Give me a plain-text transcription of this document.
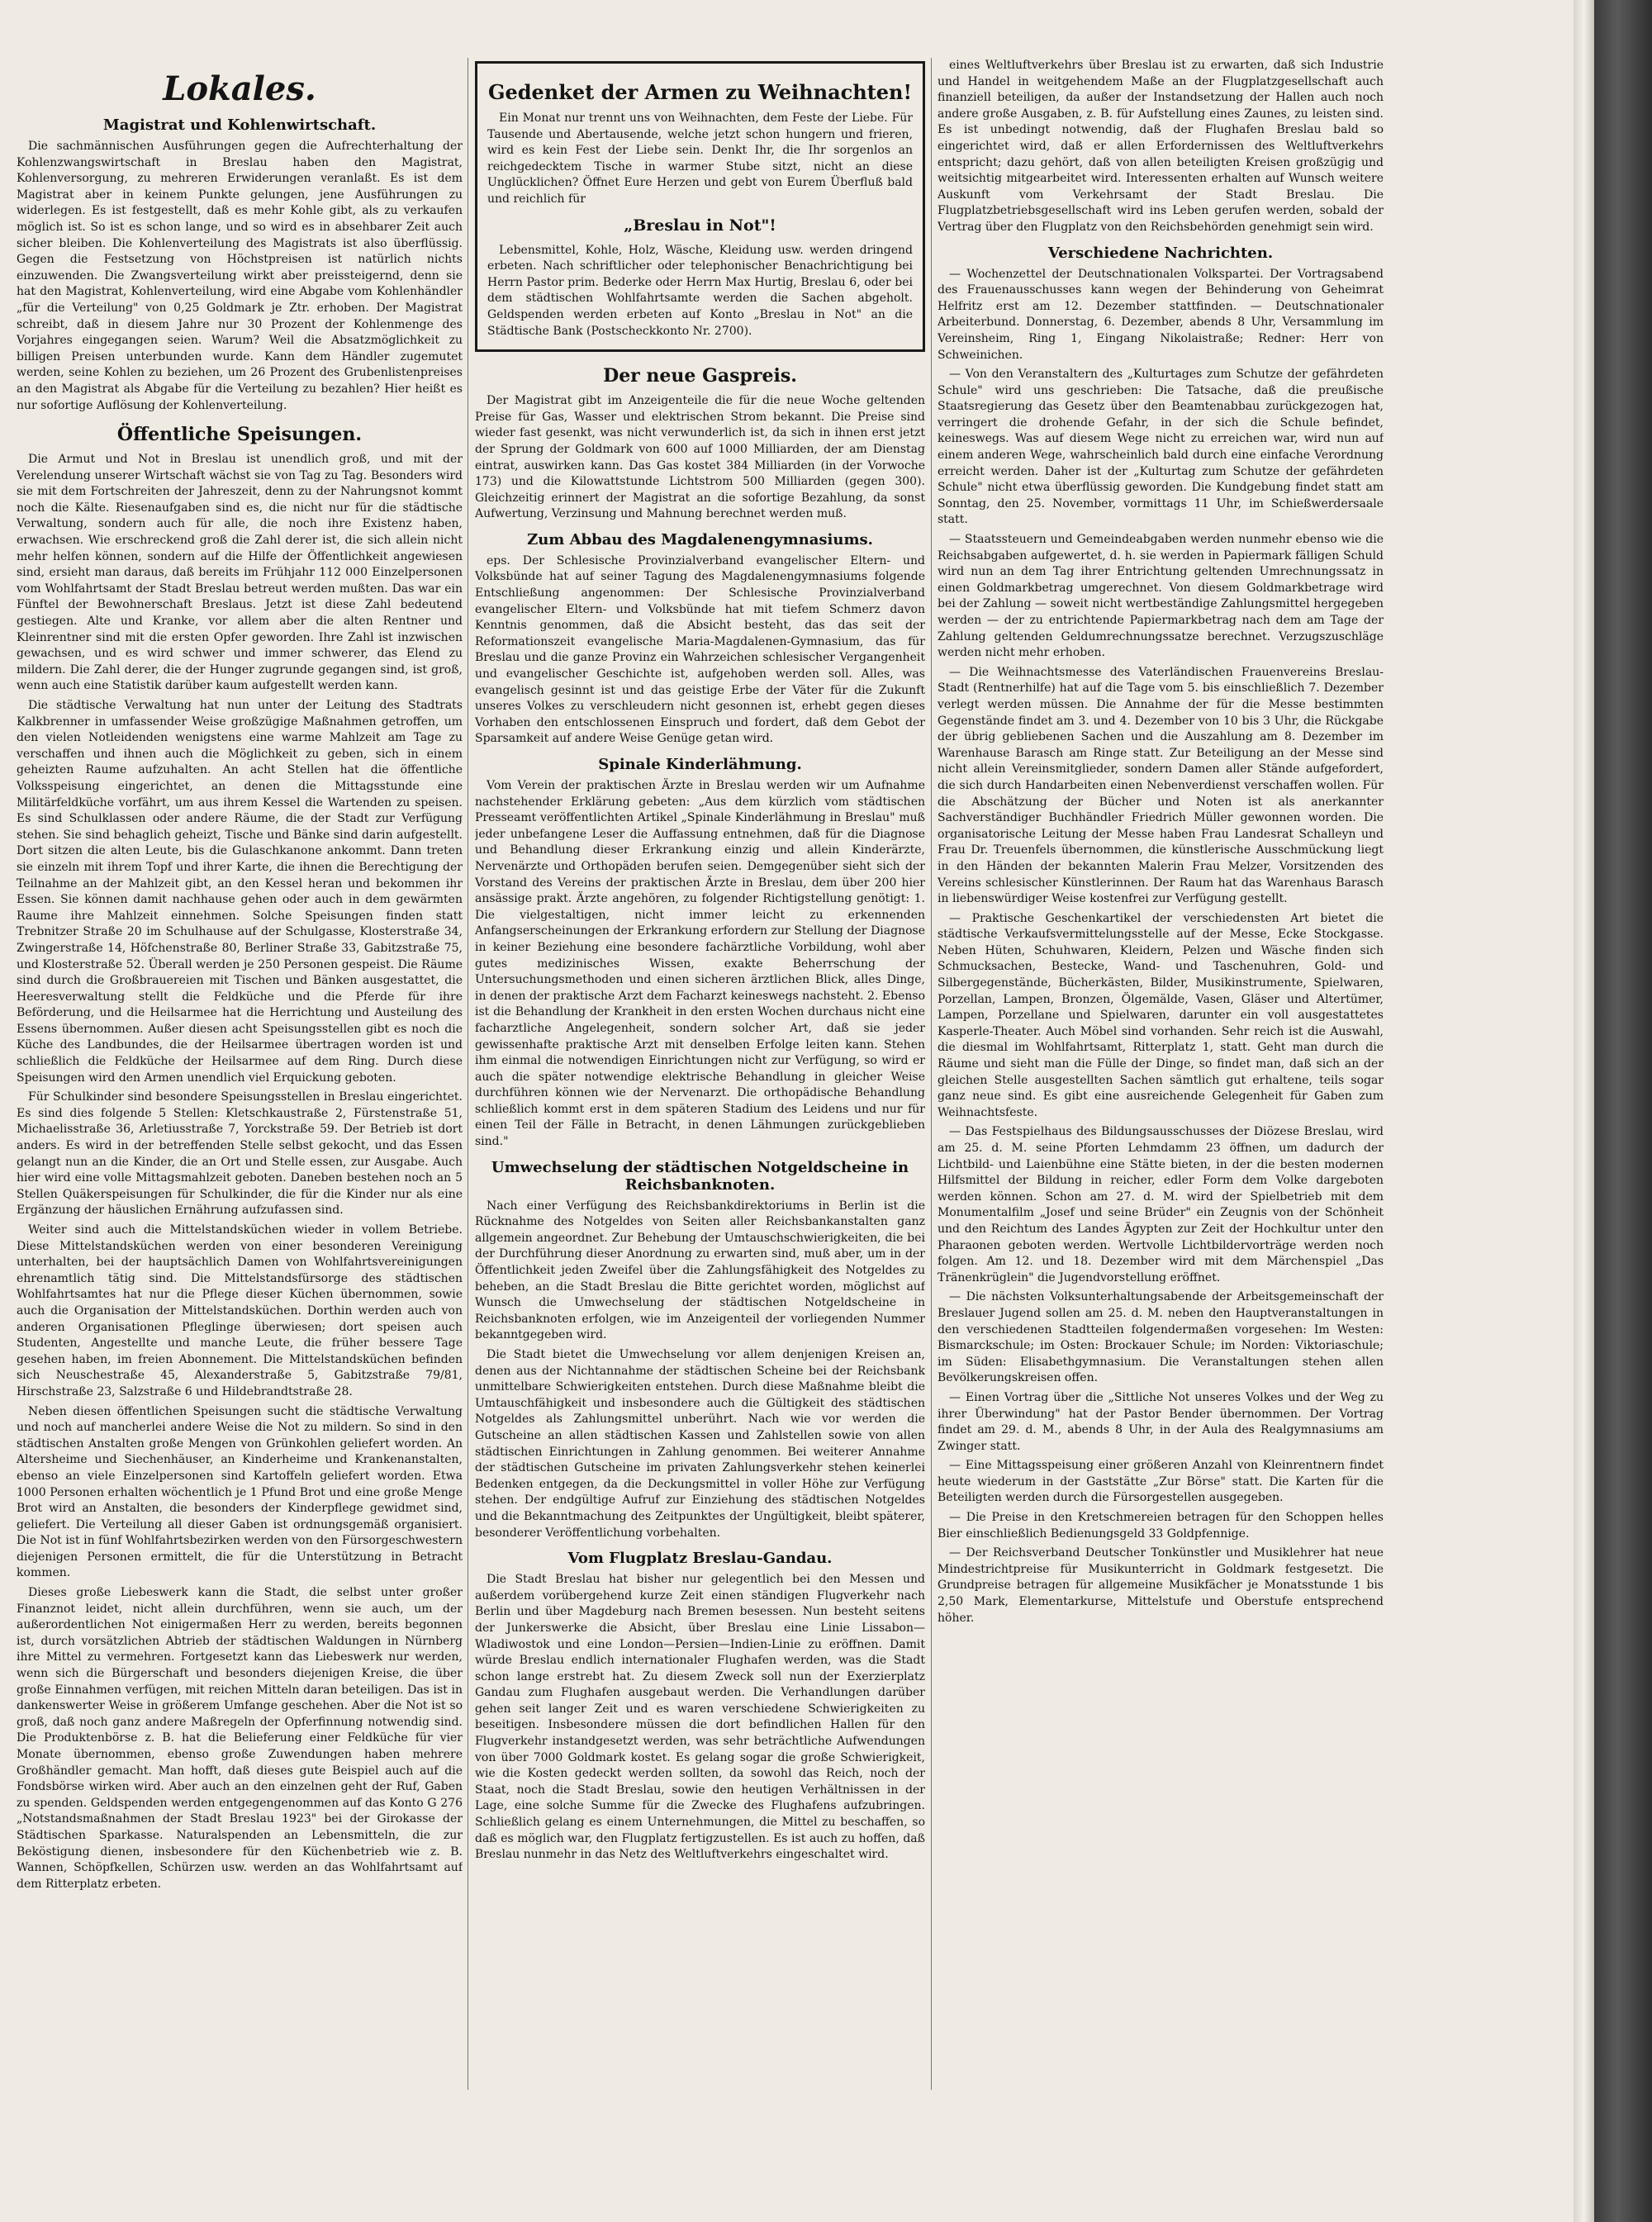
Lokales.
Magistrat und Kohlenwirtschaft.

Die sachmännischen Ausführungen gegen die Aufrechterhaltung der Kohlenzwangswirtschaft in Breslau haben den Magistrat, Kohlenversorgung, zu mehreren Erwiderungen veranlaßt. Es ist dem Magistrat aber in keinem Punkte gelungen, jene Ausführungen zu widerlegen. Es ist festgestellt, daß es mehr Kohle gibt, als zu verkaufen möglich ist. So ist es schon lange, und so wird es in absehbarer Zeit auch sicher bleiben. Die Kohlenverteilung des Magistrats ist also überflüssig. Gegen die Festsetzung von Höchstpreisen ist natürlich nichts einzuwenden. Die Zwangsverteilung wirkt aber preissteigernd, denn sie hat den Magistrat, Kohlenverteilung, wird eine Abgabe vom Kohlenhändler „für die Verteilung" von 0,25 Goldmark je Ztr. erhoben. Der Magistrat schreibt, daß in diesem Jahre nur 30 Prozent der Kohlenmenge des Vorjahres eingegangen seien. Warum? Weil die Absatzmöglichkeit zu billigen Preisen unterbunden wurde. Kann dem Händler zugemutet werden, seine Kohlen zu beziehen, um 26 Prozent des Grubenlistenpreises an den Magistrat als Abgabe für die Verteilung zu bezahlen? Hier heißt es nur sofortige Auflösung der Kohlenverteilung.

Öffentliche Speisungen.

Die Armut und Not in Breslau ist unendlich groß, und mit der Verelendung unserer Wirtschaft wächst sie von Tag zu Tag. Besonders wird sie mit dem Fortschreiten der Jahreszeit, denn zu der Nahrungsnot kommt noch die Kälte. Riesenaufgaben sind es, die nicht nur für die städtische Verwaltung, sondern auch für alle, die noch ihre Existenz haben, erwachsen. Wie erschreckend groß die Zahl derer ist, die sich allein nicht mehr helfen können, sondern auf die Hilfe der Öffentlichkeit angewiesen sind, ersieht man daraus, daß bereits im Frühjahr 112 000 Einzelpersonen vom Wohlfahrtsamt der Stadt Breslau betreut werden mußten. Das war ein Fünftel der Bewohnerschaft Breslaus. Jetzt ist diese Zahl bedeutend gestiegen. Alte und Kranke, vor allem aber die alten Rentner und Kleinrentner sind mit die ersten Opfer geworden. Ihre Zahl ist inzwischen gewachsen, und es wird schwer und immer schwerer, das Elend zu mildern. Die Zahl derer, die der Hunger zugrunde gegangen sind, ist groß, wenn auch eine Statistik darüber kaum aufgestellt werden kann.

Die städtische Verwaltung hat nun unter der Leitung des Stadtrats Kalkbrenner in umfassender Weise großzügige Maßnahmen getroffen, um den vielen Notleidenden wenigstens eine warme Mahlzeit am Tage zu verschaffen und ihnen auch die Möglichkeit zu geben, sich in einem geheizten Raume aufzuhalten. An acht Stellen hat die öffentliche Volksspeisung eingerichtet, an denen die Mittagsstunde eine Militärfeldküche vorfährt, um aus ihrem Kessel die Wartenden zu speisen. Es sind Schulklassen oder andere Räume, die der Stadt zur Verfügung stehen. Sie sind behaglich geheizt, Tische und Bänke sind darin aufgestellt. Dort sitzen die alten Leute, bis die Gulaschkanone ankommt. Dann treten sie einzeln mit ihrem Topf und ihrer Karte, die ihnen die Berechtigung der Teilnahme an der Mahlzeit gibt, an den Kessel heran und bekommen ihr Essen. Sie können damit nachhause gehen oder auch in dem gewärmten Raume ihre Mahlzeit einnehmen. Solche Speisungen finden statt Trebnitzer Straße 20 im Schulhause auf der Schulgasse, Klosterstraße 34, Zwingerstraße 14, Höfchenstraße 80, Berliner Straße 33, Gabitzstraße 75, und Klosterstraße 52. Überall werden je 250 Personen gespeist. Die Räume sind durch die Großbrauereien mit Tischen und Bänken ausgestattet, die Heeresverwaltung stellt die Feldküche und die Pferde für ihre Beförderung, und die Heilsarmee hat die Herrichtung und Austeilung des Essens übernommen. Außer diesen acht Speisungsstellen gibt es noch die Küche des Landbundes, die der Heilsarmee übertragen worden ist und schließlich die Feldküche der Heilsarmee auf dem Ring. Durch diese Speisungen wird den Armen unendlich viel Erquickung geboten.

Für Schulkinder sind besondere Speisungsstellen in Breslau eingerichtet. Es sind dies folgende 5 Stellen: Kletschkaustraße 2, Fürstenstraße 51, Michaelisstraße 36, Arletiusstraße 7, Yorckstraße 59. Der Betrieb ist dort anders. Es wird in der betreffenden Stelle selbst gekocht, und das Essen gelangt nun an die Kinder, die an Ort und Stelle essen, zur Ausgabe. Auch hier wird eine volle Mittagsmahlzeit geboten. Daneben bestehen noch an 5 Stellen Quäkerspeisungen für Schulkinder, die für die Kinder nur als eine Ergänzung der häuslichen Ernährung aufzufassen sind.

Weiter sind auch die Mittelstandsküchen wieder in vollem Betriebe. Diese Mittelstandsküchen werden von einer besonderen Vereinigung unterhalten, bei der hauptsächlich Damen von Wohlfahrtsvereinigungen ehrenamtlich tätig sind. Die Mittelstandsfürsorge des städtischen Wohlfahrtsamtes hat nur die Pflege dieser Küchen übernommen, sowie auch die Organisation der Mittelstandsküchen. Dorthin werden auch von anderen Organisationen Pfleglinge überwiesen; dort speisen auch Studenten, Angestellte und manche Leute, die früher bessere Tage gesehen haben, im freien Abonnement. Die Mittelstandsküchen befinden sich Neuschestraße 45, Alexanderstraße 5, Gabitzstraße 79/81, Hirschstraße 23, Salzstraße 6 und Hildebrandtstraße 28.

Neben diesen öffentlichen Speisungen sucht die städtische Verwaltung und noch auf mancherlei andere Weise die Not zu mildern. So sind in den städtischen Anstalten große Mengen von Grünkohlen geliefert worden. An Altersheime und Siechenhäuser, an Kinderheime und Krankenanstalten, ebenso an viele Einzelpersonen sind Kartoffeln geliefert worden. Etwa 1000 Personen erhalten wöchentlich je 1 Pfund Brot und eine große Menge Brot wird an Anstalten, die besonders der Kinderpflege gewidmet sind, geliefert. Die Verteilung all dieser Gaben ist ordnungsgemäß organisiert. Die Not ist in fünf Wohlfahrtsbezirken werden von den Fürsorgeschwestern diejenigen Personen ermittelt, die für die Unterstützung in Betracht kommen.

Dieses große Liebeswerk kann die Stadt, die selbst unter großer Finanznot leidet, nicht allein durchführen, wenn sie auch, um der außerordentlichen Not einigermaßen Herr zu werden, bereits begonnen ist, durch vorsätzlichen Abtrieb der städtischen Waldungen in Nürnberg ihre Mittel zu vermehren. Fortgesetzt kann das Liebeswerk nur werden, wenn sich die Bürgerschaft und besonders diejenigen Kreise, die über große Einnahmen verfügen, mit reichen Mitteln daran beteiligen. Das ist in dankenswerter Weise in größerem Umfange geschehen. Aber die Not ist so groß, daß noch ganz andere Maßregeln der Opferfinnung notwendig sind. Die Produktenbörse z. B. hat die Belieferung einer Feldküche für vier Monate übernommen, ebenso große Zuwendungen haben mehrere Großhändler gemacht. Man hofft, daß dieses gute Beispiel auch auf die Fondsbörse wirken wird. Aber auch an den einzelnen geht der Ruf, Gaben zu spenden. Geldspenden werden entgegengenommen auf das Konto G 276 „Notstandsmaßnahmen der Stadt Breslau 1923" bei der Girokasse der Städtischen Sparkasse. Naturalspenden an Lebensmitteln, die zur Beköstigung dienen, insbesondere für den Küchenbetrieb wie z. B. Wannen, Schöpfkellen, Schürzen usw. werden an das Wohlfahrtsamt auf dem Ritterplatz erbeten.

Gedenket der Armen zu Weihnachten!

Ein Monat nur trennt uns von Weihnachten, dem Feste der Liebe. Für Tausende und Abertausende, welche jetzt schon hungern und frieren, wird es kein Fest der Liebe sein. Denkt Ihr, die Ihr sorgenlos an reichgedecktem Tische in warmer Stube sitzt, nicht an diese Unglücklichen? Öffnet Eure Herzen und gebt von Eurem Überfluß bald und reichlich für

„Breslau in Not"!

Lebensmittel, Kohle, Holz, Wäsche, Kleidung usw. werden dringend erbeten. Nach schriftlicher oder telephonischer Benachrichtigung bei Herrn Pastor prim. Bederke oder Herrn Max Hurtig, Breslau 6, oder bei dem städtischen Wohlfahrtsamte werden die Sachen abgeholt. Geldspenden werden erbeten auf Konto „Breslau in Not" an die Städtische Bank (Postscheckkonto Nr. 2700).

Der neue Gaspreis.

Der Magistrat gibt im Anzeigenteile die für die neue Woche geltenden Preise für Gas, Wasser und elektrischen Strom bekannt. Die Preise sind wieder fast gesenkt, was nicht verwunderlich ist, da sich in ihnen erst jetzt der Sprung der Goldmark von 600 auf 1000 Milliarden, der am Dienstag eintrat, auswirken kann. Das Gas kostet 384 Milliarden (in der Vorwoche 173) und die Kilowattstunde Lichtstrom 500 Milliarden (gegen 300). Gleichzeitig erinnert der Magistrat an die sofortige Bezahlung, da sonst Aufwertung, Verzinsung und Mahnung berechnet werden muß.

Zum Abbau des Magdalenengymnasiums.

eps. Der Schlesische Provinzialverband evangelischer Eltern- und Volksbünde hat auf seiner Tagung des Magdalenengymnasiums folgende Entschließung angenommen: Der Schlesische Provinzialverband evangelischer Eltern- und Volksbünde hat mit tiefem Schmerz davon Kenntnis genommen, daß die Absicht besteht, das das seit der Reformationszeit evangelische Maria-Magdalenen-Gymnasium, das für Breslau und die ganze Provinz ein Wahrzeichen schlesischer Vergangenheit und evangelischer Geschichte ist, aufgehoben werden soll. Alles, was evangelisch gesinnt ist und das geistige Erbe der Väter für die Zukunft unseres Volkes zu verschleudern nicht gesonnen ist, erhebt gegen dieses Vorhaben den entschlossenen Einspruch und fordert, daß dem Gebot der Sparsamkeit auf andere Weise Genüge getan wird.

Spinale Kinderlähmung.

Vom Verein der praktischen Ärzte in Breslau werden wir um Aufnahme nachstehender Erklärung gebeten: „Aus dem kürzlich vom städtischen Presseamt veröffentlichten Artikel „Spinale Kinderlähmung in Breslau" muß jeder unbefangene Leser die Auffassung entnehmen, daß für die Diagnose und Behandlung dieser Erkrankung einzig und allein Kinderärzte, Nervenärzte und Orthopäden berufen seien. Demgegenüber sieht sich der Vorstand des Vereins der praktischen Ärzte in Breslau, dem über 200 hier ansässige prakt. Ärzte angehören, zu folgender Richtigstellung genötigt: 1. Die vielgestaltigen, nicht immer leicht zu erkennenden Anfangserscheinungen der Erkrankung erfordern zur Stellung der Diagnose in keiner Beziehung eine besondere fachärztliche Vorbildung, wohl aber gutes medizinisches Wissen, exakte Beherrschung der Untersuchungsmethoden und einen sicheren ärztlichen Blick, alles Dinge, in denen der praktische Arzt dem Facharzt keineswegs nachsteht. 2. Ebenso ist die Behandlung der Krankheit in den ersten Wochen durchaus nicht eine facharztliche Angelegenheit, sondern solcher Art, daß sie jeder gewissenhafte praktische Arzt mit denselben Erfolge leiten kann. Stehen ihm einmal die notwendigen Einrichtungen nicht zur Verfügung, so wird er auch die später notwendige elektrische Behandlung in gleicher Weise durchführen können wie der Nervenarzt. Die orthopädische Behandlung schließlich kommt erst in dem späteren Stadium des Leidens und nur für einen Teil der Fälle in Betracht, in denen Lähmungen zurückgeblieben sind."

Umwechselung der städtischen Notgeldscheine in Reichsbanknoten.

Nach einer Verfügung des Reichsbankdirektoriums in Berlin ist die Rücknahme des Notgeldes von Seiten aller Reichsbankanstalten ganz allgemein angeordnet. Zur Behebung der Umtauschschwierigkeiten, die bei der Durchführung dieser Anordnung zu erwarten sind, muß aber, um in der Öffentlichkeit jeden Zweifel über die Zahlungsfähigkeit des Notgeldes zu beheben, an die Stadt Breslau die Bitte gerichtet worden, möglichst auf Wunsch die Umwechselung der städtischen Notgeldscheine in Reichsbanknoten erfolgen, wie im Anzeigenteil der vorliegenden Nummer bekanntgegeben wird.

Die Stadt bietet die Umwechselung vor allem denjenigen Kreisen an, denen aus der Nichtannahme der städtischen Scheine bei der Reichsbank unmittelbare Schwierigkeiten entstehen. Durch diese Maßnahme bleibt die Umtauschfähigkeit und insbesondere auch die Gültigkeit des städtischen Notgeldes als Zahlungsmittel unberührt. Nach wie vor werden die Gutscheine an allen städtischen Kassen und Zahlstellen sowie von allen städtischen Einrichtungen in Zahlung genommen. Bei weiterer Annahme der städtischen Gutscheine im privaten Zahlungsverkehr stehen keinerlei Bedenken entgegen, da die Deckungsmittel in voller Höhe zur Verfügung stehen. Der endgültige Aufruf zur Einziehung des städtischen Notgeldes und die Bekanntmachung des Zeitpunktes der Ungültigkeit, bleibt späterer, besonderer Veröffentlichung vorbehalten.

Vom Flugplatz Breslau-Gandau.

Die Stadt Breslau hat bisher nur gelegentlich bei den Messen und außerdem vorübergehend kurze Zeit einen ständigen Flugverkehr nach Berlin und über Magdeburg nach Bremen besessen. Nun besteht seitens der Junkerswerke die Absicht, über Breslau eine Linie Lissabon—Wladiwostok und eine London—Persien—Indien-Linie zu eröffnen. Damit würde Breslau endlich internationaler Flughafen werden, was die Stadt schon lange erstrebt hat. Zu diesem Zweck soll nun der Exerzierplatz Gandau zum Flughafen ausgebaut werden. Die Verhandlungen darüber gehen seit langer Zeit und es waren verschiedene Schwierigkeiten zu beseitigen. Insbesondere müssen die dort befindlichen Hallen für den Flugverkehr instandgesetzt werden, was sehr beträchtliche Aufwendungen von über 7000 Goldmark kostet. Es gelang sogar die große Schwierigkeit, wie die Kosten gedeckt werden sollten, da sowohl das Reich, noch der Staat, noch die Stadt Breslau, sowie den heutigen Verhältnissen in der Lage, eine solche Summe für die Zwecke des Flughafens aufzubringen. Schließlich gelang es einem Unternehmungen, die Mittel zu beschaffen, so daß es möglich war, den Flugplatz fertigzustellen. Es ist auch zu hoffen, daß Breslau nunmehr in das Netz des Weltluftverkehrs eingeschaltet wird.

eines Weltluftverkehrs über Breslau ist zu erwarten, daß sich Industrie und Handel in weitgehendem Maße an der Flugplatzgesellschaft auch finanziell beteiligen, da außer der Instandsetzung der Hallen auch noch andere große Ausgaben, z. B. für Aufstellung eines Zaunes, zu leisten sind. Es ist unbedingt notwendig, daß der Flughafen Breslau bald so eingerichtet wird, daß er allen Erfordernissen des Weltluftverkehrs entspricht; dazu gehört, daß von allen beteiligten Kreisen großzügig und weitsichtig mitgearbeitet wird. Interessenten erhalten auf Wunsch weitere Auskunft vom Verkehrsamt der Stadt Breslau. Die Flugplatzbetriebsgesellschaft wird ins Leben gerufen werden, sobald der Vertrag über den Flugplatz von den Reichsbehörden genehmigt sein wird.

Verschiedene Nachrichten.

— Wochenzettel der Deutschnationalen Volkspartei. Der Vortragsabend des Frauenausschusses kann wegen der Behinderung von Geheimrat Helfritz erst am 12. Dezember stattfinden. — Deutschnationaler Arbeiterbund. Donnerstag, 6. Dezember, abends 8 Uhr, Versammlung im Vereinsheim, Ring 1, Eingang Nikolaistraße; Redner: Herr von Schweinichen.

— Von den Veranstaltern des „Kulturtages zum Schutze der gefährdeten Schule" wird uns geschrieben: Die Tatsache, daß die preußische Staatsregierung das Gesetz über den Beamtenabbau zurückgezogen hat, verringert die drohende Gefahr, in der sich die Schule befindet, keineswegs. Was auf diesem Wege nicht zu erreichen war, wird nun auf einem anderen Wege, wahrscheinlich bald durch eine einfache Verordnung erreicht werden. Daher ist der „Kulturtag zum Schutze der gefährdeten Schule" nicht etwa überflüssig geworden. Die Kundgebung findet statt am Sonntag, den 25. November, vormittags 11 Uhr, im Schießwerdersaale statt.

— Staatssteuern und Gemeindeabgaben werden nunmehr ebenso wie die Reichsabgaben aufgewertet, d. h. sie werden in Papiermark fälligen Schuld wird nun an dem Tag ihrer Entrichtung geltenden Umrechnungssatz in einen Goldmarkbetrag umgerechnet. Von diesem Goldmarkbetrage wird bei der Zahlung — soweit nicht wertbeständige Zahlungsmittel hergegeben werden — der zu entrichtende Papiermarkbetrag nach dem am Tage der Zahlung geltenden Geldumrechnungssatze berechnet. Verzugszuschläge werden nicht mehr erhoben.

— Die Weihnachtsmesse des Vaterländischen Frauenvereins Breslau-Stadt (Rentnerhilfe) hat auf die Tage vom 5. bis einschließlich 7. Dezember verlegt werden müssen. Die Annahme der für die Messe bestimmten Gegenstände findet am 3. und 4. Dezember von 10 bis 3 Uhr, die Rückgabe der übrig gebliebenen Sachen und die Auszahlung am 8. Dezember im Warenhause Barasch am Ringe statt. Zur Beteiligung an der Messe sind nicht allein Vereinsmitglieder, sondern Damen aller Stände aufgefordert, die sich durch Handarbeiten einen Nebenverdienst verschaffen wollen. Für die Abschätzung der Bücher und Noten ist als anerkannter Sachverständiger Buchhändler Friedrich Müller gewonnen worden. Die organisatorische Leitung der Messe haben Frau Landesrat Schalleyn und Frau Dr. Treuenfels übernommen, die künstlerische Ausschmückung liegt in den Händen der bekannten Malerin Frau Melzer, Vorsitzenden des Vereins schlesischer Künstlerinnen. Der Raum hat das Warenhaus Barasch in liebenswürdiger Weise kostenfrei zur Verfügung gestellt.

— Praktische Geschenkartikel der verschiedensten Art bietet die städtische Verkaufsvermittelungsstelle auf der Messe, Ecke Stockgasse. Neben Hüten, Schuhwaren, Kleidern, Pelzen und Wäsche finden sich Schmucksachen, Bestecke, Wand- und Taschenuhren, Gold- und Silbergegenstände, Bücherkästen, Bilder, Musikinstrumente, Spielwaren, Porzellan, Lampen, Bronzen, Ölgemälde, Vasen, Gläser und Altertümer, Lampen, Porzellane und Spielwaren, darunter ein voll ausgestattetes Kasperle-Theater. Auch Möbel sind vorhanden. Sehr reich ist die Auswahl, die diesmal im Wohlfahrtsamt, Ritterplatz 1, statt. Geht man durch die Räume und sieht man die Fülle der Dinge, so findet man, daß sich an der gleichen Stelle ausgestellten Sachen sämtlich gut erhaltene, teils sogar ganz neue sind. Es gibt eine ausreichende Gelegenheit für Gaben zum Weihnachtsfeste.

— Das Festspielhaus des Bildungsausschusses der Diözese Breslau, wird am 25. d. M. seine Pforten Lehmdamm 23 öffnen, um dadurch der Lichtbild- und Laienbühne eine Stätte bieten, in der die besten modernen Hilfsmittel der Bildung in reicher, edler Form dem Volke dargeboten werden können. Schon am 27. d. M. wird der Spielbetrieb mit dem Monumentalfilm „Josef und seine Brüder" ein Zeugnis von der Schönheit und den Reichtum des Landes Ägypten zur Zeit der Hochkultur unter den Pharaonen geboten werden. Wertvolle Lichtbildervorträge werden noch folgen. Am 12. und 18. Dezember wird mit dem Märchenspiel „Das Tränenkrüglein" die Jugendvorstellung eröffnet.

— Die nächsten Volksunterhaltungsabende der Arbeitsgemeinschaft der Breslauer Jugend sollen am 25. d. M. neben den Hauptveranstaltungen in den verschiedenen Stadtteilen folgendermaßen vorgesehen: Im Westen: Bismarckschule; im Osten: Brockauer Schule; im Norden: Viktoriaschule; im Süden: Elisabethgymnasium. Die Veranstaltungen stehen allen Bevölkerungskreisen offen.

— Einen Vortrag über die „Sittliche Not unseres Volkes und der Weg zu ihrer Überwindung" hat der Pastor Bender übernommen. Der Vortrag findet am 29. d. M., abends 8 Uhr, in der Aula des Realgymnasiums am Zwinger statt.

— Eine Mittagsspeisung einer größeren Anzahl von Kleinrentnern findet heute wiederum in der Gaststätte „Zur Börse" statt. Die Karten für die Beteiligten werden durch die Fürsorgestellen ausgegeben.

— Die Preise in den Kretschmereien betragen für den Schoppen helles Bier einschließlich Bedienungsgeld 33 Goldpfennige.

— Der Reichsverband Deutscher Tonkünstler und Musiklehrer hat neue Mindestrichtpreise für Musikunterricht in Goldmark festgesetzt. Die Grundpreise betragen für allgemeine Musikfächer je Monatsstunde 1 bis 2,50 Mark, Elementarkurse, Mittelstufe und Oberstufe entsprechend höher.
